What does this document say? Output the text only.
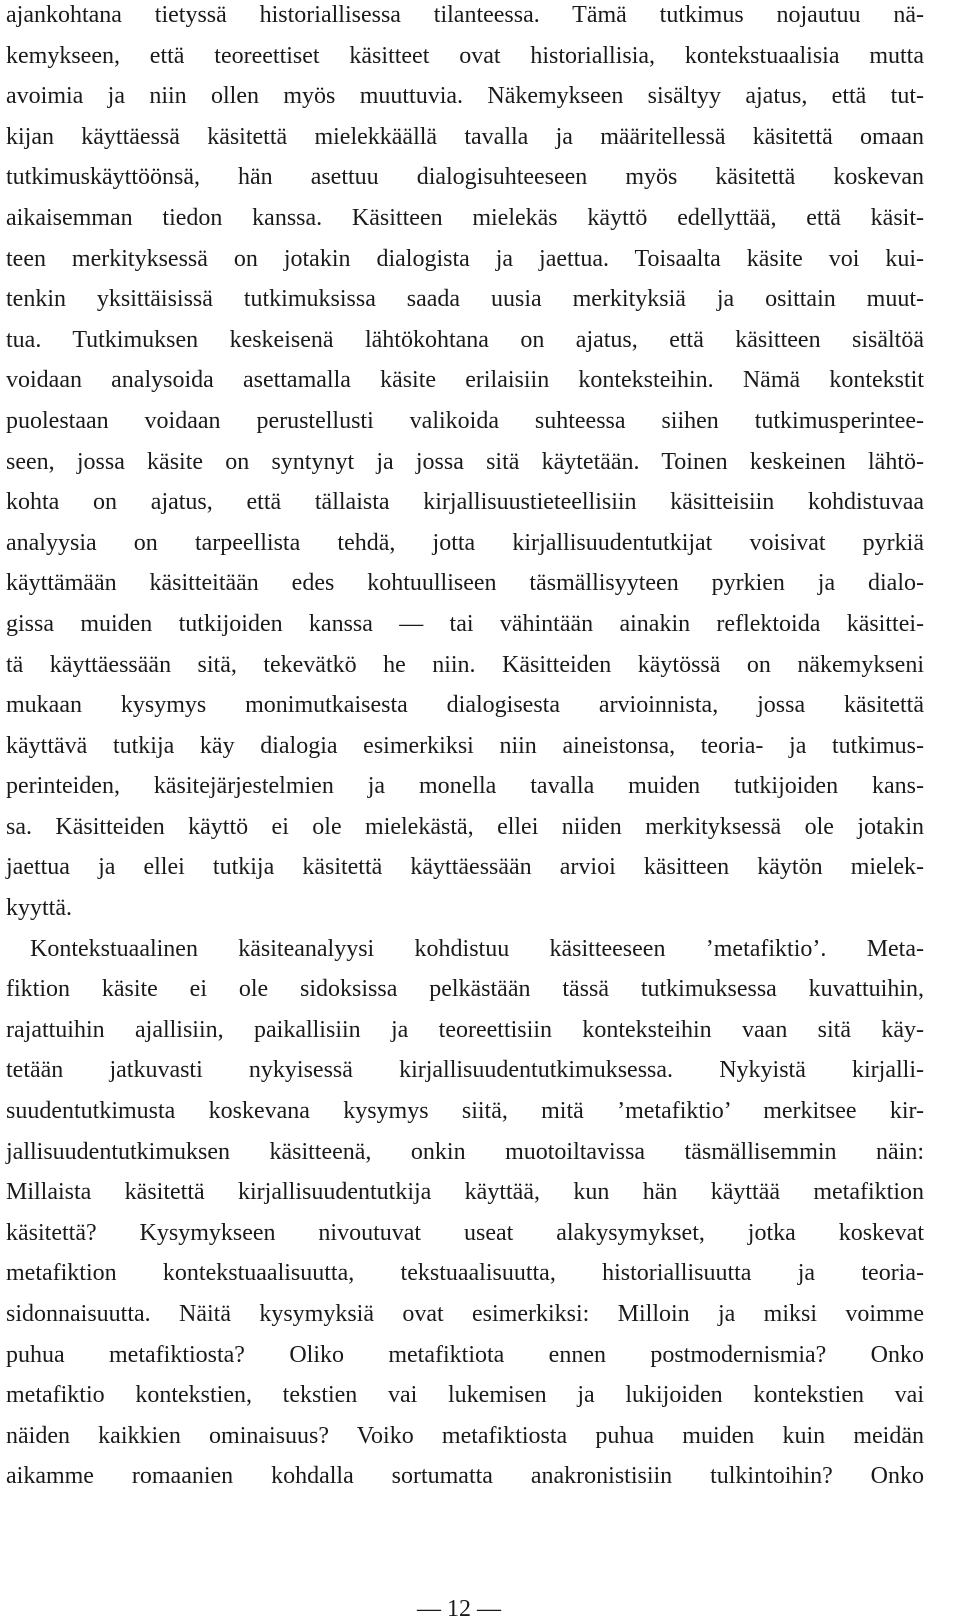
ajankohtana tietyssä historiallisessa tilanteessa. Tämä tutkimus nojautuu nä-
kemykseen, että teoreettiset käsitteet ovat historiallisia, kontekstuaalisia mutta
avoimia ja niin ollen myös muuttuvia. Näkemykseen sisältyy ajatus, että tut-
kijan käyttäessä käsitettä mielekkäällä tavalla ja määritellessä käsitettä omaan
tutkimuskäyttöönsä, hän asettuu dialogisuhteeseen myös käsitettä koskevan
aikaisemman tiedon kanssa. Käsitteen mielekäs käyttö edellyttää, että käsit-
teen merkityksessä on jotakin dialogista ja jaettua. Toisaalta käsite voi kui-
tenkin yksittäisissä tutkimuksissa saada uusia merkityksiä ja osittain muut-
tua. Tutkimuksen keskeisenä lähtökohtana on ajatus, että käsitteen sisältöä
voidaan analysoida asettamalla käsite erilaisiin konteksteihin. Nämä kontekstit
puolestaan voidaan perustellusti valikoida suhteessa siihen tutkimusperintee-
seen, jossa käsite on syntynyt ja jossa sitä käytetään. Toinen keskeinen lähtö-
kohta on ajatus, että tällaista kirjallisuustieteellisiin käsitteisiin kohdistuvaa
analyysia on tarpeellista tehdä, jotta kirjallisuudentutkijat voisivat pyrkiä
käyttämään käsitteitään edes kohtuulliseen täsmällisyyteen pyrkien ja dialo-
gissa muiden tutkijoiden kanssa — tai vähintään ainakin reflektoida käsittei-
tä käyttäessään sitä, tekevätkö he niin. Käsitteiden käytössä on näkemykseni
mukaan kysymys monimutkaisesta dialogisesta arvioinnista, jossa käsitettä
käyttävä tutkija käy dialogia esimerkiksi niin aineistonsa, teoria- ja tutkimus-
perinteiden, käsitejärjestelmien ja monella tavalla muiden tutkijoiden kans-
sa. Käsitteiden käyttö ei ole mielekästä, ellei niiden merkityksessä ole jotakin
jaettua ja ellei tutkija käsitettä käyttäessään arvioi käsitteen käytön mielek-
kyyttä.
Kontekstuaalinen käsiteanalyysi kohdistuu käsitteeseen ’metafiktio’. Meta-
fiktion käsite ei ole sidoksissa pelkästään tässä tutkimuksessa kuvattuihin,
rajattuihin ajallisiin, paikallisiin ja teoreettisiin konteksteihin vaan sitä käy-
tetään jatkuvasti nykyisessä kirjallisuudentutkimuksessa. Nykyistä kirjalli-
suudentutkimusta koskevana kysymys siitä, mitä ’metafiktio’ merkitsee kir-
jallisuudentutkimuksen käsitteenä, onkin muotoiltavissa täsmällisemmin näin:
Millaista käsitettä kirjallisuudentutkija käyttää, kun hän käyttää metafiktion
käsitettä? Kysymykseen nivoutuvat useat alakysymykset, jotka koskevat
metafiktion kontekstuaalisuutta, tekstuaalisuutta, historiallisuutta ja teoria-
sidonnaisuutta. Näitä kysymyksiä ovat esimerkiksi: Milloin ja miksi voimme
puhua metafiktiosta? Oliko metafiktiota ennen postmodernismia? Onko
metafiktio kontekstien, tekstien vai lukemisen ja lukijoiden kontekstien vai
näiden kaikkien ominaisuus? Voiko metafiktiosta puhua muiden kuin meidän
aikamme romaanien kohdalla sortumatta anakronistisiin tulkintoihin? Onko
— 12 —
